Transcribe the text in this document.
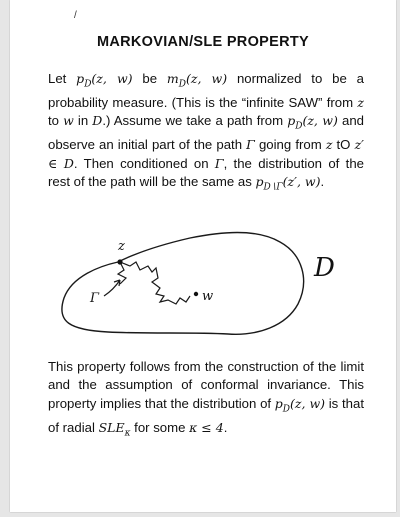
/
MARKOVIAN/SLE PROPERTY
Let $p_D(z$, w) be $m_D(z$, w) normalized to be a probability measure. (This is the “infinite SAW” from z to w in D.) Assume we take a path from $p_D(z$, w) and observe an initial part of the path Γ going from z tO z′ ∈ D. Then conditioned on Γ, the distribution of the rest of the path will be the same as $p_{D∖\Gamma}(z'$, w).
z
w
Γ
D
This property follows from the construction of the limit and the assumption of conformal invariance. This property implies that the distribution of $p_D(z$, w) is that of radial $SLE_\kappa$ for some κ ≤ 4.
